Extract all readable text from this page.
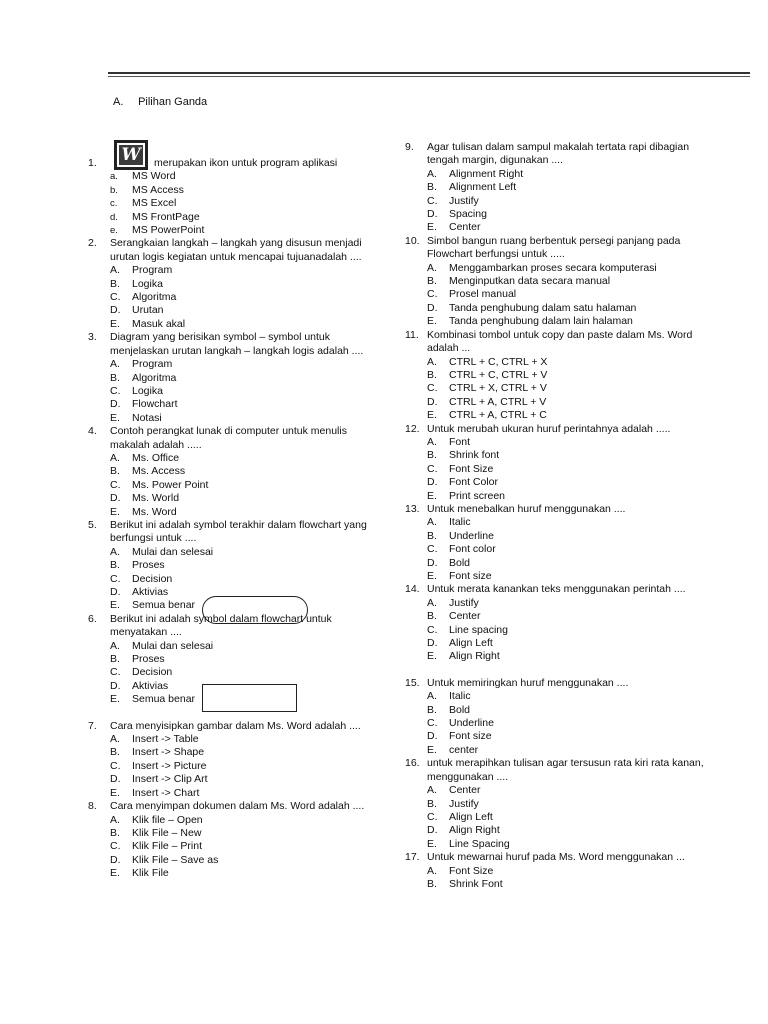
A. Pilihan Ganda
W
1.	merupakan ikon untuk program aplikasi
a.	MS Word
b.	MS Access
c.	MS Excel
d.	MS FrontPage
e.	MS PowerPoint
2.	Serangkaian langkah – langkah yang disusun menjadi urutan logis kegiatan untuk mencapai tujuanadalah ....
A.	Program
B.	Logika
C.	Algoritma
D.	Urutan
E.	Masuk akal
3.	Diagram yang berisikan symbol – symbol untuk menjelaskan urutan langkah – langkah logis adalah ....
A.	Program
B.	Algoritma
C.	Logika
D.	Flowchart
E.	Notasi
4.	Contoh perangkat lunak di computer untuk menulis makalah adalah .....
A.	Ms. Office
B.	Ms. Access
C.	Ms. Power Point
D.	Ms. World
E.	Ms. Word
5.	Berikut ini adalah symbol terakhir dalam flowchart yang berfungsi untuk ....
A.	Mulai dan selesai
B.	Proses
C.	Decision
D.	Aktivias
E.	Semua benar
6.	Berikut ini adalah symbol dalam flowchart untuk menyatakan ....
A.	Mulai dan selesai
B.	Proses
C.	Decision
D.	Aktivias
E.	Semua benar
7.	Cara menyisipkan gambar dalam Ms. Word adalah ....
A.	Insert -> Table
B.	Insert -> Shape
C.	Insert -> Picture
D.	Insert -> Clip Art
E.	Insert -> Chart
8.	Cara menyimpan dokumen dalam Ms. Word adalah ....
A.	Klik file – Open
B.	Klik File – New
C.	Klik File – Print
D.	Klik File – Save as
E.	Klik File
9.	Agar tulisan dalam sampul makalah tertata rapi dibagian tengah margin, digunakan ....
A.	Alignment Right
B.	Alignment Left
C.	Justify
D.	Spacing
E.	Center
10. Simbol bangun ruang berbentuk persegi panjang pada Flowchart berfungsi untuk .....
A.	Menggambarkan proses secara komputerasi
B.	Menginputkan data secara manual
C.	Prosel manual
D.	Tanda penghubung dalam satu halaman
E.	Tanda penghubung dalam lain halaman
11. Kombinasi tombol untuk copy dan paste dalam Ms. Word adalah ...
A.	CTRL + C, CTRL + X
B.	CTRL + C, CTRL + V
C.	CTRL + X, CTRL + V
D.	CTRL + A, CTRL + V
E.	CTRL + A, CTRL + C
12. Untuk merubah ukuran huruf perintahnya adalah .....
A.	Font
B.	Shrink font
C.	Font Size
D.	Font Color
E.	Print screen
13. Untuk menebalkan huruf menggunakan ....
A.	Italic
B.	Underline
C.	Font color
D.	Bold
E.	Font size
14. Untuk merata kanankan teks menggunakan perintah ....
A.	Justify
B.	Center
C.	Line spacing
D.	Align Left
E.	Align Right
15. Untuk memiringkan huruf menggunakan ....
A.	Italic
B.	Bold
C.	Underline
D.	Font size
E.	center
16. untuk merapihkan tulisan agar tersusun rata kiri rata kanan, menggunakan ....
A.	Center
B.	Justify
C.	Align Left
D.	Align Right
E.	Line Spacing
17. Untuk mewarnai huruf pada Ms. Word menggunakan ...
A.	Font Size
B.	Shrink Font
